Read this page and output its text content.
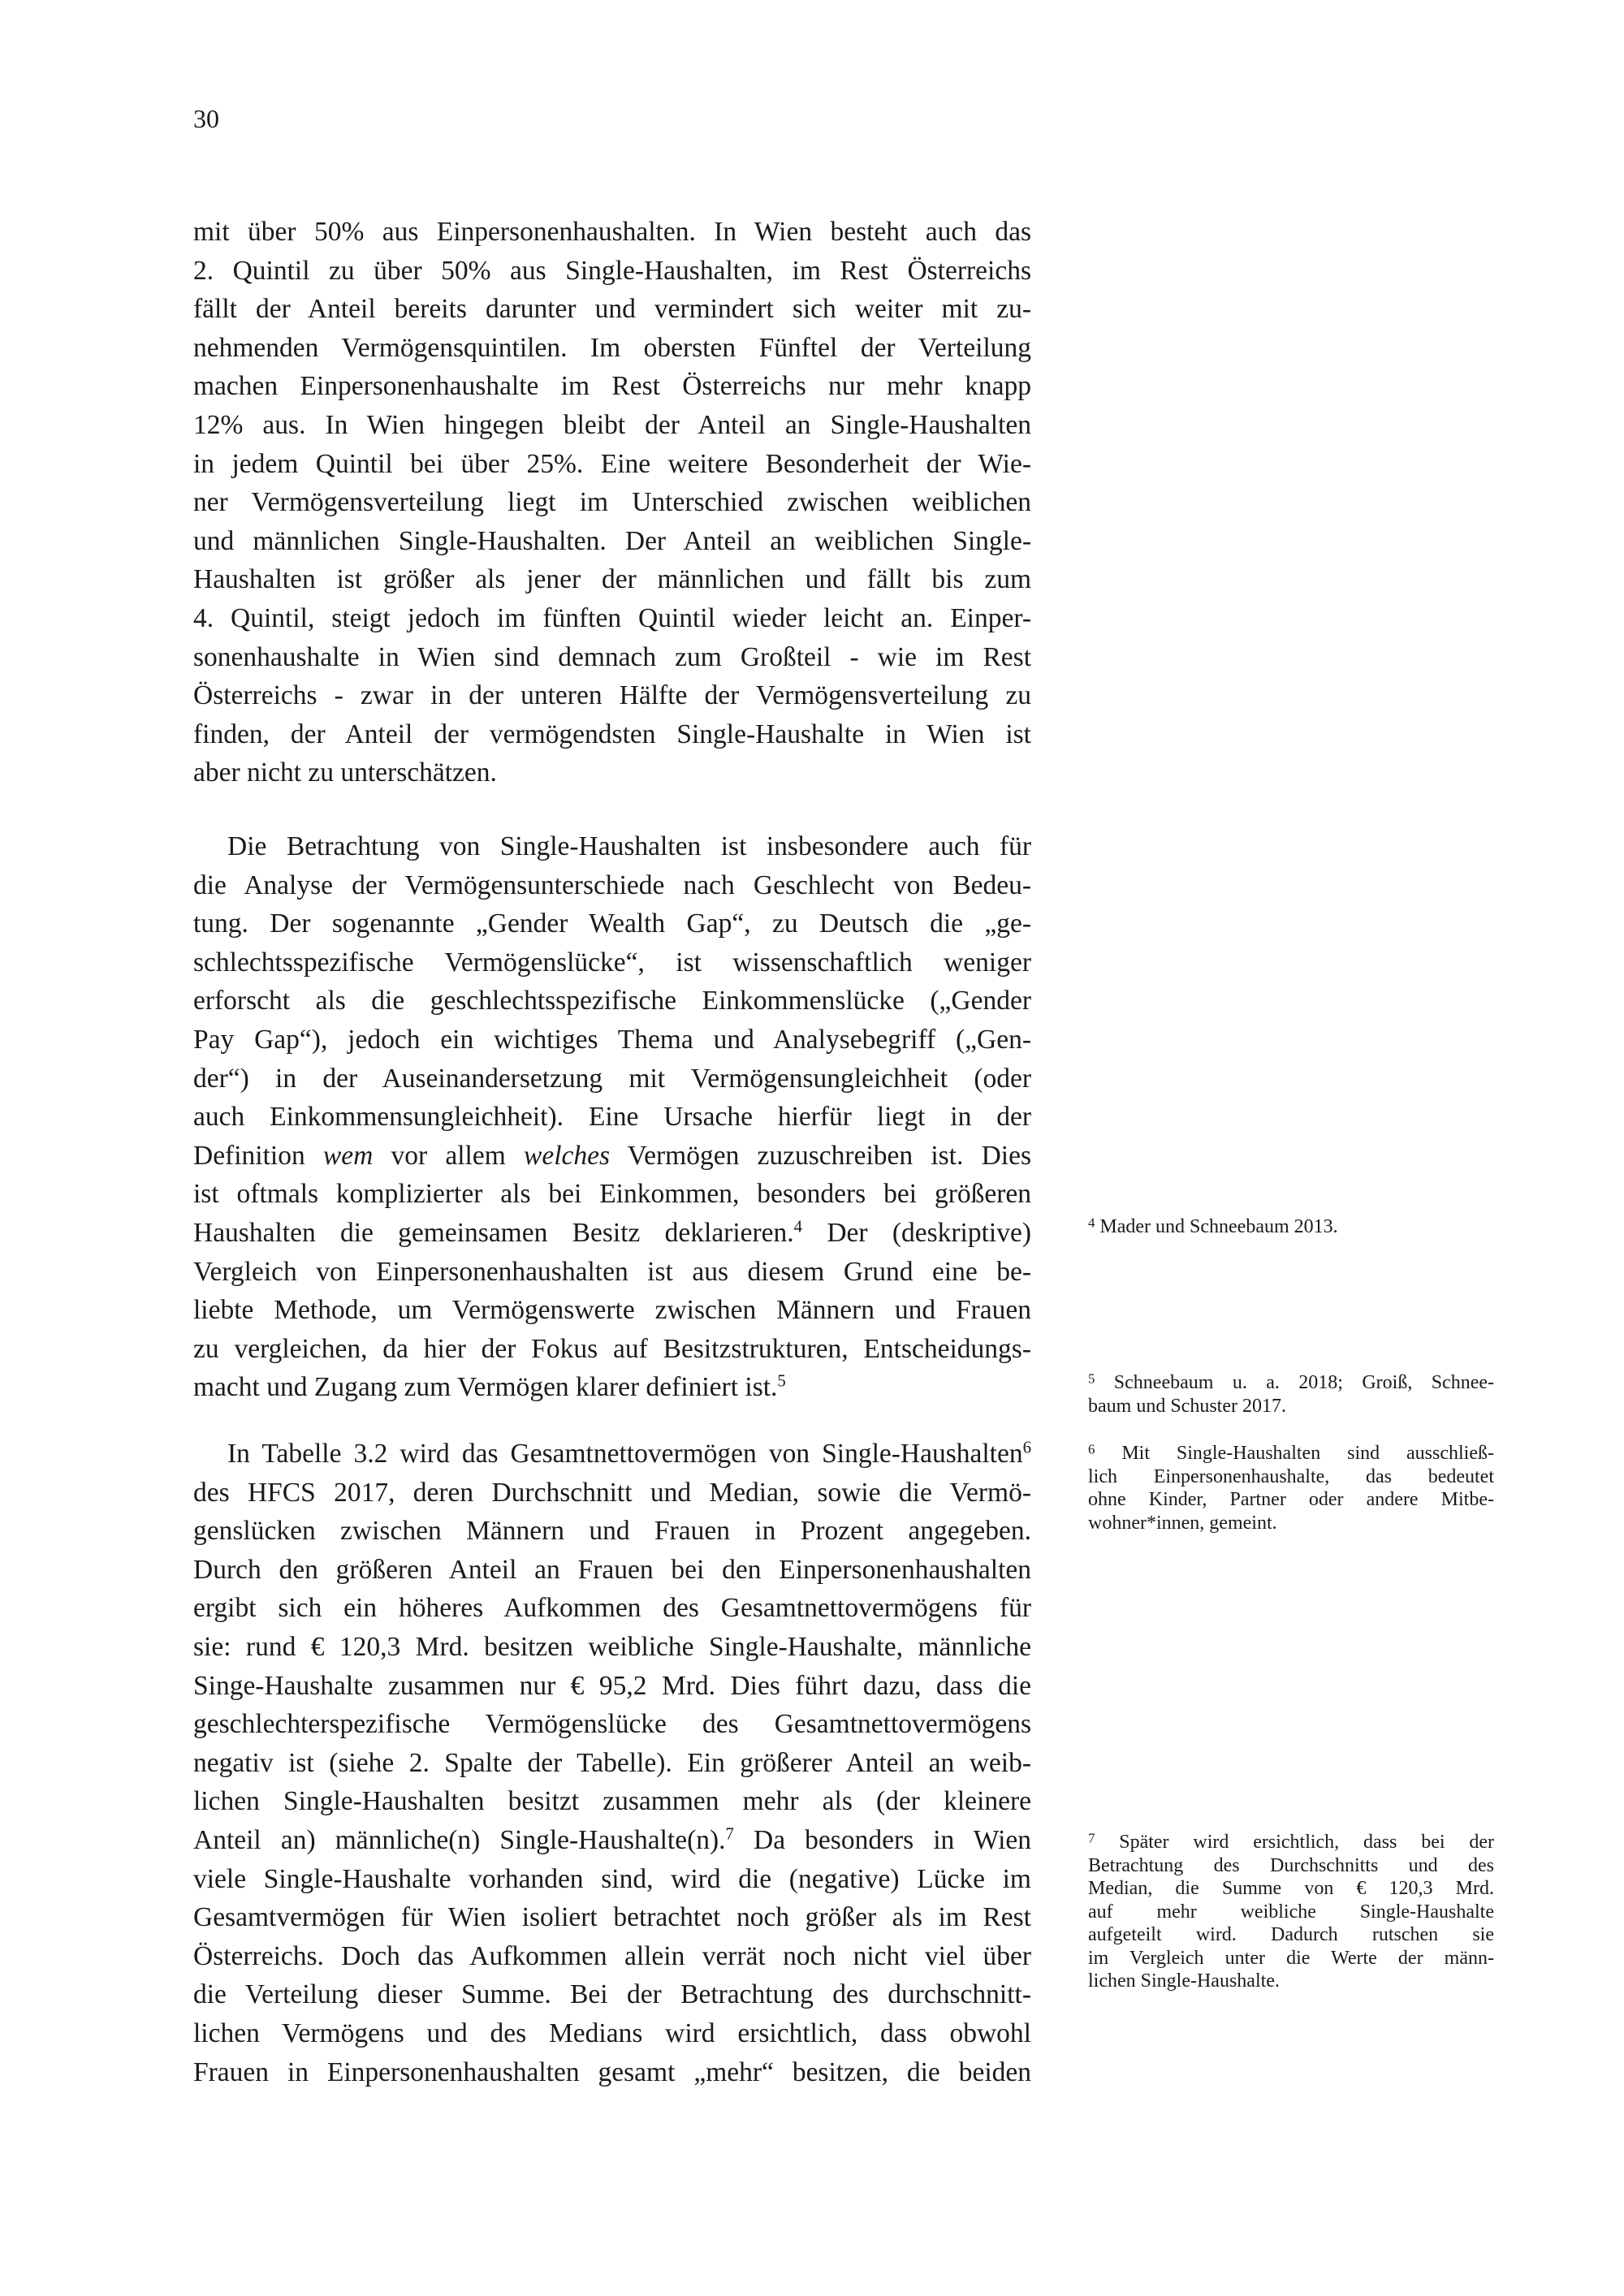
30
mit über 50% aus Einpersonenhaushalten. In Wien besteht auch das
2. Quintil zu über 50% aus Single-Haushalten, im Rest Österreichs
fällt der Anteil bereits darunter und vermindert sich weiter mit zu-
nehmenden Vermögensquintilen. Im obersten Fünftel der Verteilung
machen Einpersonenhaushalte im Rest Österreichs nur mehr knapp
12% aus. In Wien hingegen bleibt der Anteil an Single-Haushalten
in jedem Quintil bei über 25%. Eine weitere Besonderheit der Wie-
ner Vermögensverteilung liegt im Unterschied zwischen weiblichen
und männlichen Single-Haushalten. Der Anteil an weiblichen Single-
Haushalten ist größer als jener der männlichen und fällt bis zum
4. Quintil, steigt jedoch im fünften Quintil wieder leicht an. Einper-
sonenhaushalte in Wien sind demnach zum Großteil - wie im Rest
Österreichs - zwar in der unteren Hälfte der Vermögensverteilung zu
finden, der Anteil der vermögendsten Single-Haushalte in Wien ist
aber nicht zu unterschätzen.
Die Betrachtung von Single-Haushalten ist insbesondere auch für
die Analyse der Vermögensunterschiede nach Geschlecht von Bedeu-
tung. Der sogenannte „Gender Wealth Gap“, zu Deutsch die „ge-
schlechtsspezifische Vermögenslücke“, ist wissenschaftlich weniger
erforscht als die geschlechtsspezifische Einkommenslücke („Gender
Pay Gap“), jedoch ein wichtiges Thema und Analysebegriff („Gen-
der“) in der Auseinandersetzung mit Vermögensungleichheit (oder
auch Einkommensungleichheit). Eine Ursache hierfür liegt in der
Definition wem vor allem welches Vermögen zuzuschreiben ist. Dies
ist oftmals komplizierter als bei Einkommen, besonders bei größeren
Haushalten die gemeinsamen Besitz deklarieren.$^4$ Der (deskriptive)
Vergleich von Einpersonenhaushalten ist aus diesem Grund eine be-
liebte Methode, um Vermögenswerte zwischen Männern und Frauen
zu vergleichen, da hier der Fokus auf Besitzstrukturen, Entscheidungs-
macht und Zugang zum Vermögen klarer definiert ist.$^5$
In Tabelle 3.2 wird das Gesamtnettovermögen von Single-Haushalten$^6$
des HFCS 2017, deren Durchschnitt und Median, sowie die Vermö-
genslücken zwischen Männern und Frauen in Prozent angegeben.
Durch den größeren Anteil an Frauen bei den Einpersonenhaushalten
ergibt sich ein höheres Aufkommen des Gesamtnettovermögens für
sie: rund € 120,3 Mrd. besitzen weibliche Single-Haushalte, männliche
Singe-Haushalte zusammen nur € 95,2 Mrd. Dies führt dazu, dass die
geschlechterspezifische Vermögenslücke des Gesamtnettovermögens
negativ ist (siehe 2. Spalte der Tabelle). Ein größerer Anteil an weib-
lichen Single-Haushalten besitzt zusammen mehr als (der kleinere
Anteil an) männliche(n) Single-Haushalte(n).$^7$ Da besonders in Wien
viele Single-Haushalte vorhanden sind, wird die (negative) Lücke im
Gesamtvermögen für Wien isoliert betrachtet noch größer als im Rest
Österreichs. Doch das Aufkommen allein verrät noch nicht viel über
die Verteilung dieser Summe. Bei der Betrachtung des durchschnitt-
lichen Vermögens und des Medians wird ersichtlich, dass obwohl
Frauen in Einpersonenhaushalten gesamt „mehr“ besitzen, die beiden
$^4$ Mader und Schneebaum 2013.
$^5$ Schneebaum u. a. 2018; Groiß, Schnee-
baum und Schuster 2017.
$^6$ Mit Single-Haushalten sind ausschließ-
lich Einpersonenhaushalte, das bedeutet
ohne Kinder, Partner oder andere Mitbe-
wohner*innen, gemeint.
$^7$ Später wird ersichtlich, dass bei der
Betrachtung des Durchschnitts und des
Median, die Summe von € 120,3 Mrd.
auf mehr weibliche Single-Haushalte
aufgeteilt wird. Dadurch rutschen sie
im Vergleich unter die Werte der männ-
lichen Single-Haushalte.
